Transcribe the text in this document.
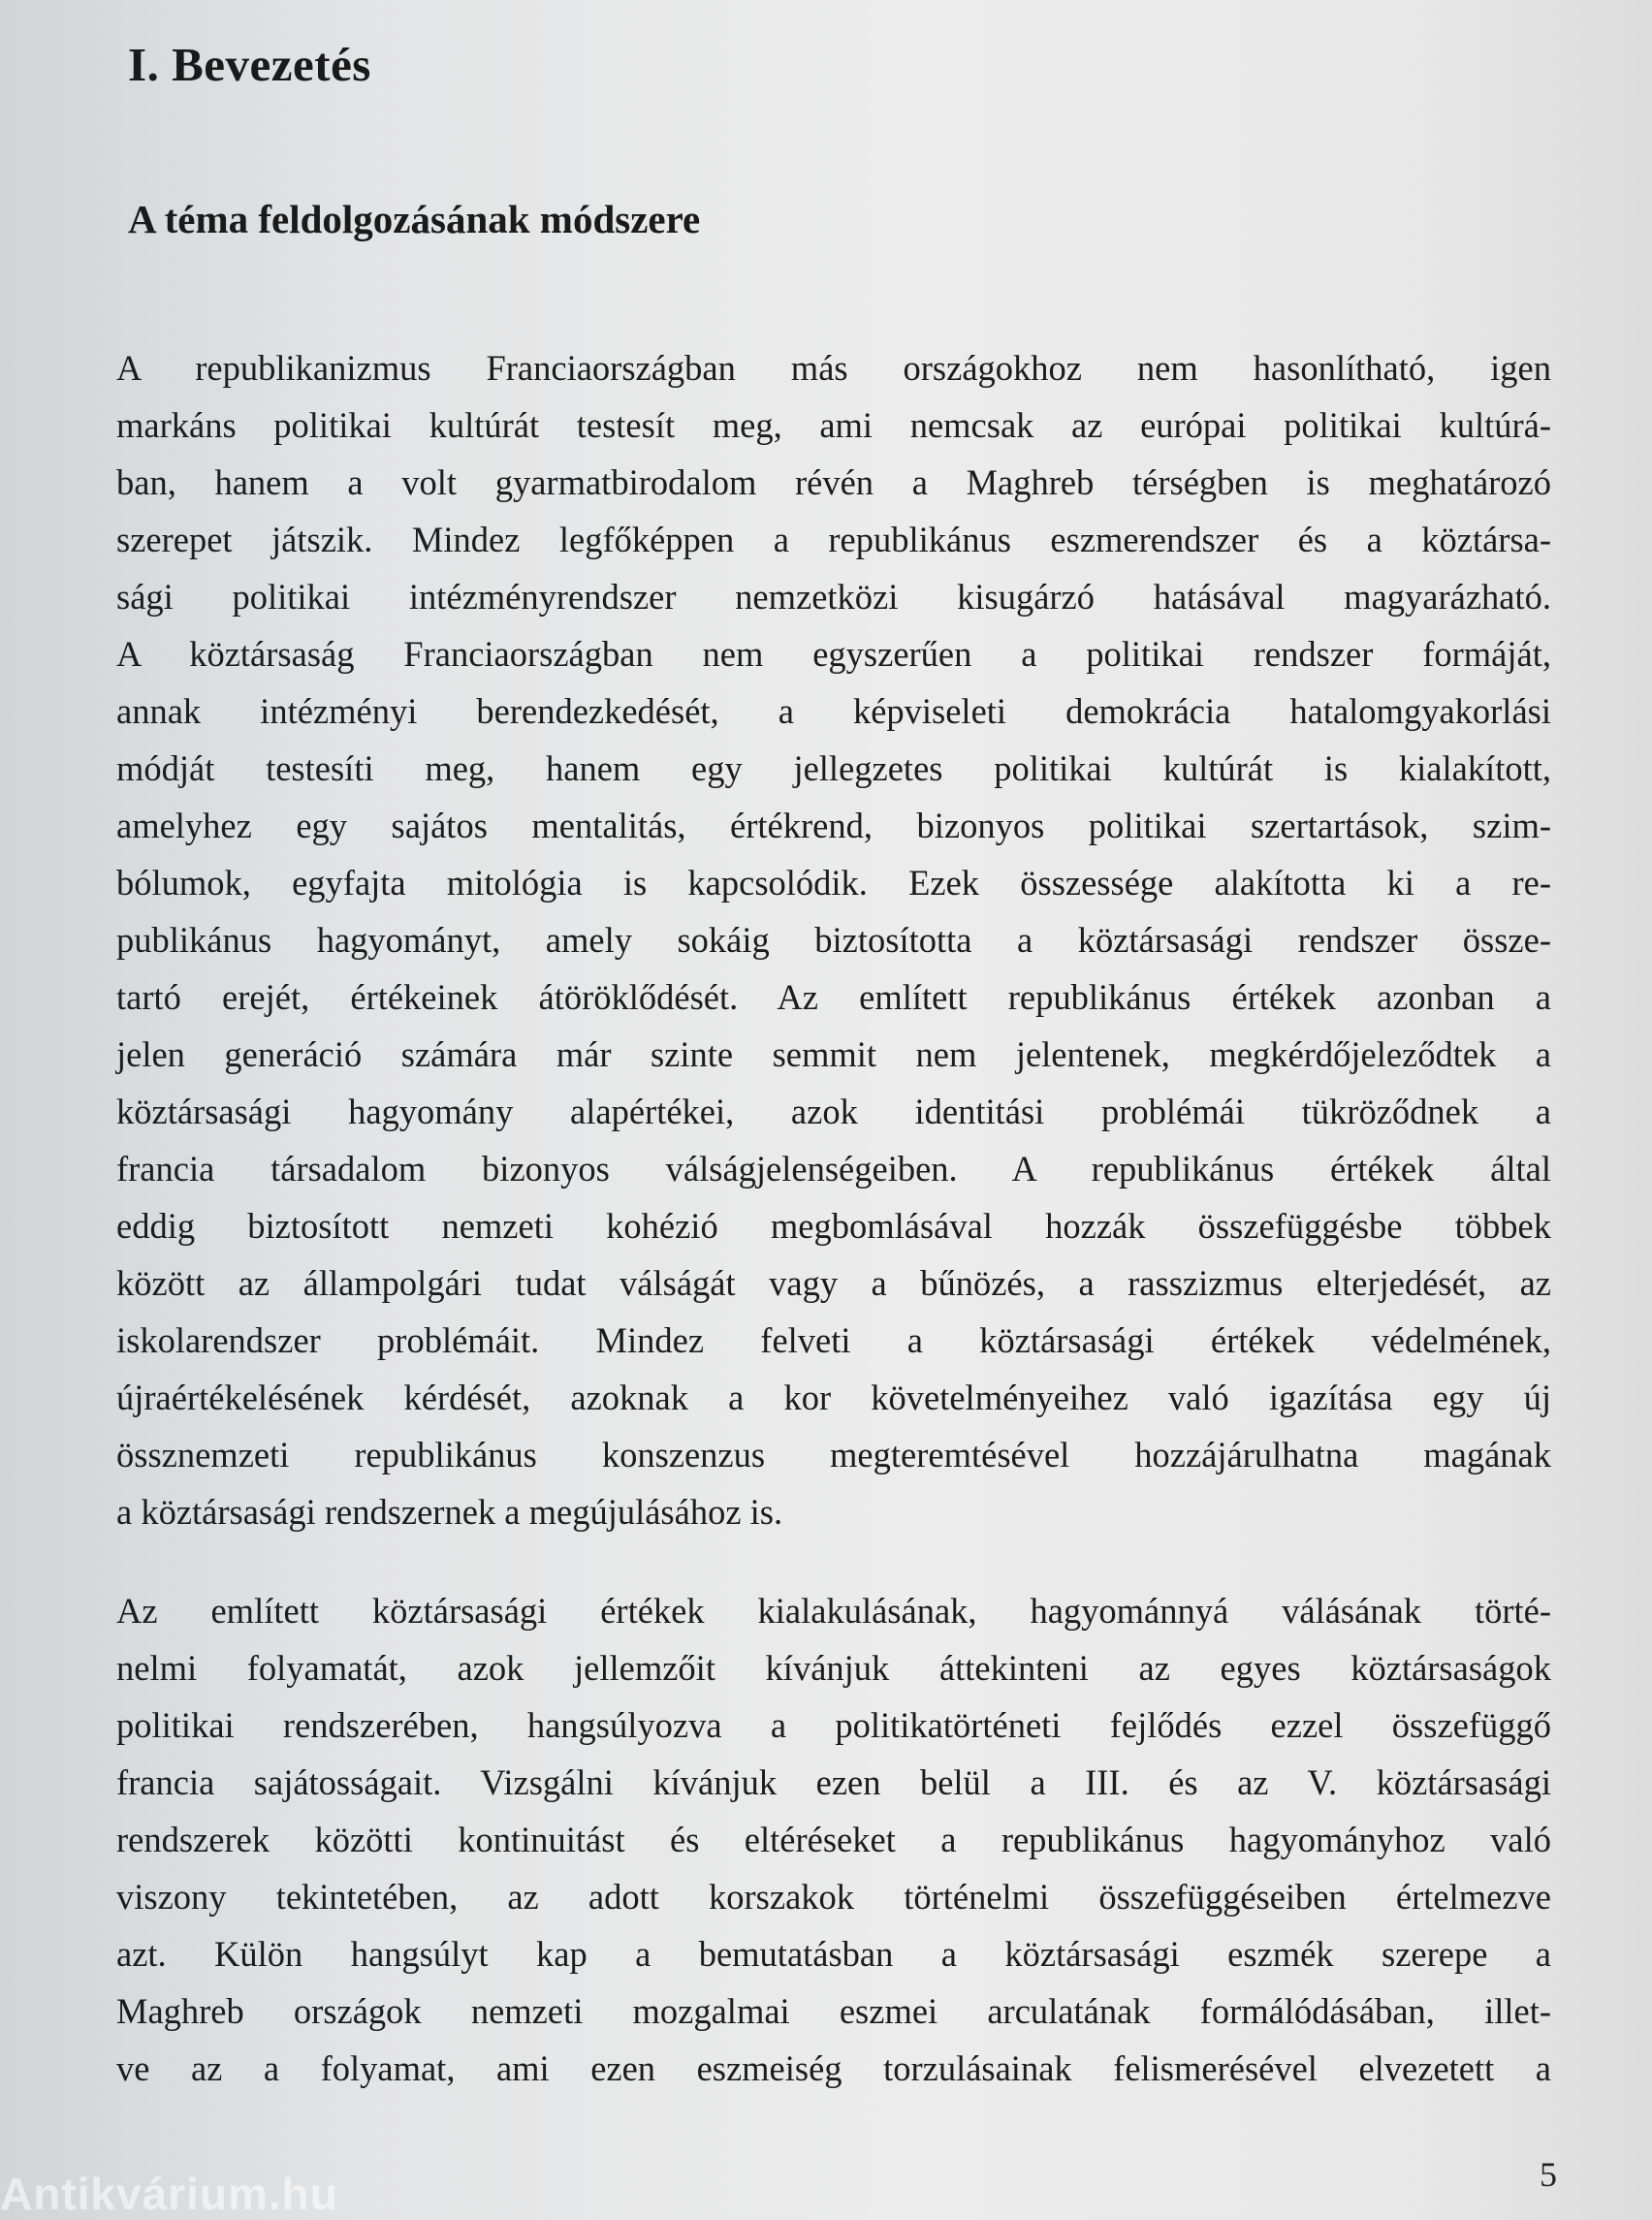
I. Bevezetés
A téma feldolgozásának módszere
A republikanizmus Franciaországban más országokhoz nem hasonlítható, igen
markáns politikai kultúrát testesít meg, ami nemcsak az európai politikai kultúrá-
ban, hanem a volt gyarmatbirodalom révén a Maghreb térségben is meghatározó
szerepet játszik. Mindez legfőképpen a republikánus eszmerendszer és a köztársa-
sági politikai intézményrendszer nemzetközi kisugárzó hatásával magyarázható.
A köztársaság Franciaországban nem egyszerűen a politikai rendszer formáját,
annak intézményi berendezkedését, a képviseleti demokrácia hatalomgyakorlási
módját testesíti meg, hanem egy jellegzetes politikai kultúrát is kialakított,
amelyhez egy sajátos mentalitás, értékrend, bizonyos politikai szertartások, szim-
bólumok, egyfajta mitológia is kapcsolódik. Ezek összessége alakította ki a re-
publikánus hagyományt, amely sokáig biztosította a köztársasági rendszer össze-
tartó erejét, értékeinek átöröklődését. Az említett republikánus értékek azonban a
jelen generáció számára már szinte semmit nem jelentenek, megkérdőjeleződtek a
köztársasági hagyomány alapértékei, azok identitási problémái tükröződnek a
francia társadalom bizonyos válságjelenségeiben. A republikánus értékek által
eddig biztosított nemzeti kohézió megbomlásával hozzák összefüggésbe többek
között az állampolgári tudat válságát vagy a bűnözés, a rasszizmus elterjedését, az
iskolarendszer problémáit. Mindez felveti a köztársasági értékek védelmének,
újraértékelésének kérdését, azoknak a kor követelményeihez való igazítása egy új
össznemzeti republikánus konszenzus megteremtésével hozzájárulhatna magának
a köztársasági rendszernek a megújulásához is.
Az említett köztársasági értékek kialakulásának, hagyománnyá válásának törté-
nelmi folyamatát, azok jellemzőit kívánjuk áttekinteni az egyes köztársaságok
politikai rendszerében, hangsúlyozva a politikatörténeti fejlődés ezzel összefüggő
francia sajátosságait. Vizsgálni kívánjuk ezen belül a III. és az V. köztársasági
rendszerek közötti kontinuitást és eltéréseket a republikánus hagyományhoz való
viszony tekintetében, az adott korszakok történelmi összefüggéseiben értelmezve
azt. Külön hangsúlyt kap a bemutatásban a köztársasági eszmék szerepe a
Maghreb országok nemzeti mozgalmai eszmei arculatának formálódásában, illet-
ve az a folyamat, ami ezen eszmeiség torzulásainak felismerésével elvezetett a
5
Antikvárium.hu
